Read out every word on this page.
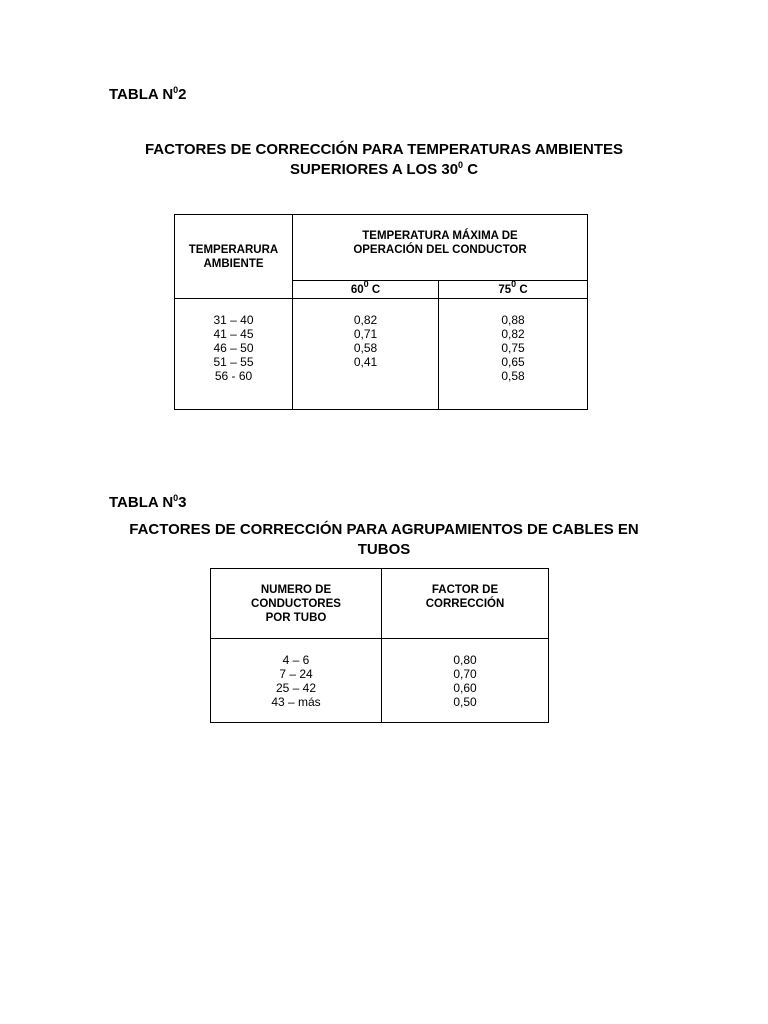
TABLA $N^02$
FACTORES DE CORRECCIÓN PARA TEMPERATURAS AMBIENTES
SUPERIORES A LOS $30^0$ C
TEMPERARURA
AMBIENTE
TEMPERATURA MÁXIMA DE
OPERACIÓN DEL CONDUCTOR
$60^0$ C	$75^0$ C
31 – 40
41 – 45
46 – 50
51 – 55
56 - 60
0,82
0,71
0,58
0,41
0,88
0,82
0,75
0,65
0,58
TABLA $N^03$
FACTORES DE CORRECCIÓN PARA AGRUPAMIENTOS DE CABLES EN
TUBOS
NUMERO DE
CONDUCTORES
POR TUBO
FACTOR DE
CORRECCIÓN
4 – 6
7 – 24
25 – 42
43 – más
0,80
0,70
0,60
0,50
